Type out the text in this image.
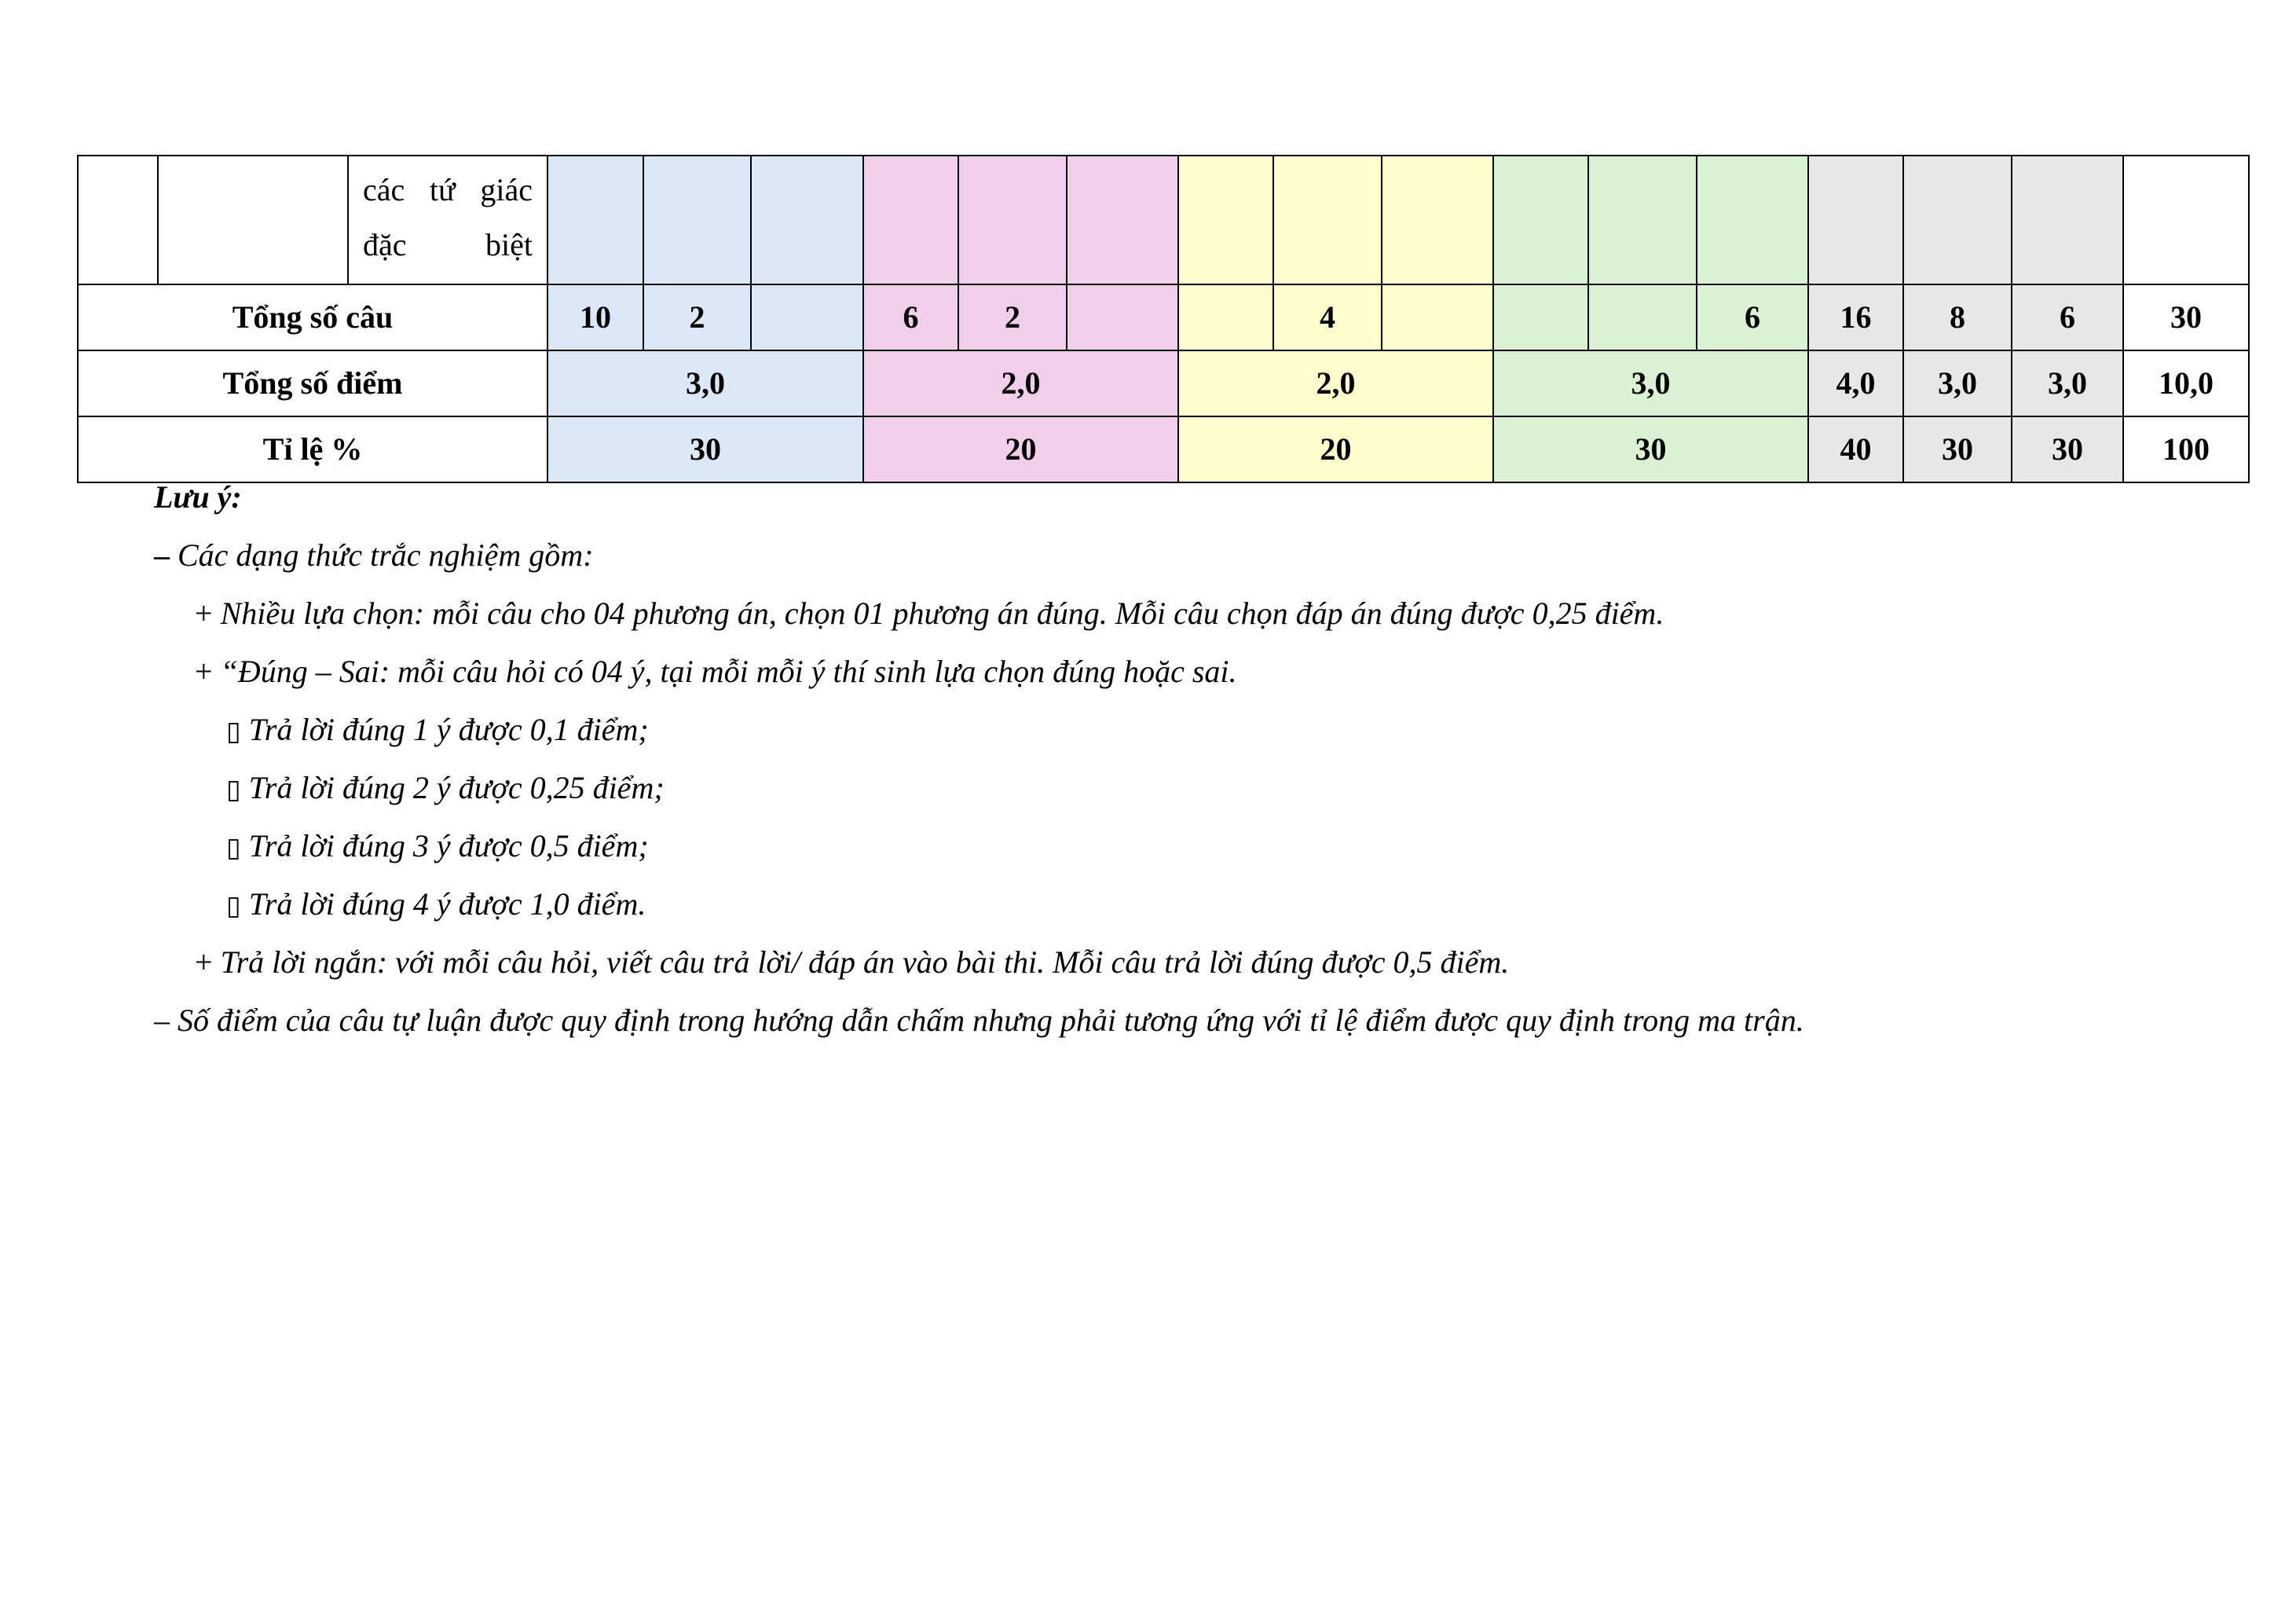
		các tứ giác đặc biệt																
Tổng số câu			10	2		6	2			4				6	16	8	6	30
Tổng số điểm			3,0			2,0			2,0			3,0			4,0	3,0	3,0	10,0
Tỉ lệ %			30			20			20			30			40	30	30	100
Lưu ý:
– Các dạng thức trắc nghiệm gồm:
+ Nhiều lựa chọn: mỗi câu cho 04 phương án, chọn 01 phương án đúng. Mỗi câu chọn đáp án đúng được 0,25 điểm.
+ “Đúng – Sai: mỗi câu hỏi có 04 ý, tại mỗi mỗi ý thí sinh lựa chọn đúng hoặc sai.
▯ Trả lời đúng 1 ý được 0,1 điểm;
▯ Trả lời đúng 2 ý được 0,25 điểm;
▯ Trả lời đúng 3 ý được 0,5 điểm;
▯ Trả lời đúng 4 ý được 1,0 điểm.
+ Trả lời ngắn: với mỗi câu hỏi, viết câu trả lời/ đáp án vào bài thi. Mỗi câu trả lời đúng được 0,5 điểm.
– Số điểm của câu tự luận được quy định trong hướng dẫn chấm nhưng phải tương ứng với tỉ lệ điểm được quy định trong ma trận.
